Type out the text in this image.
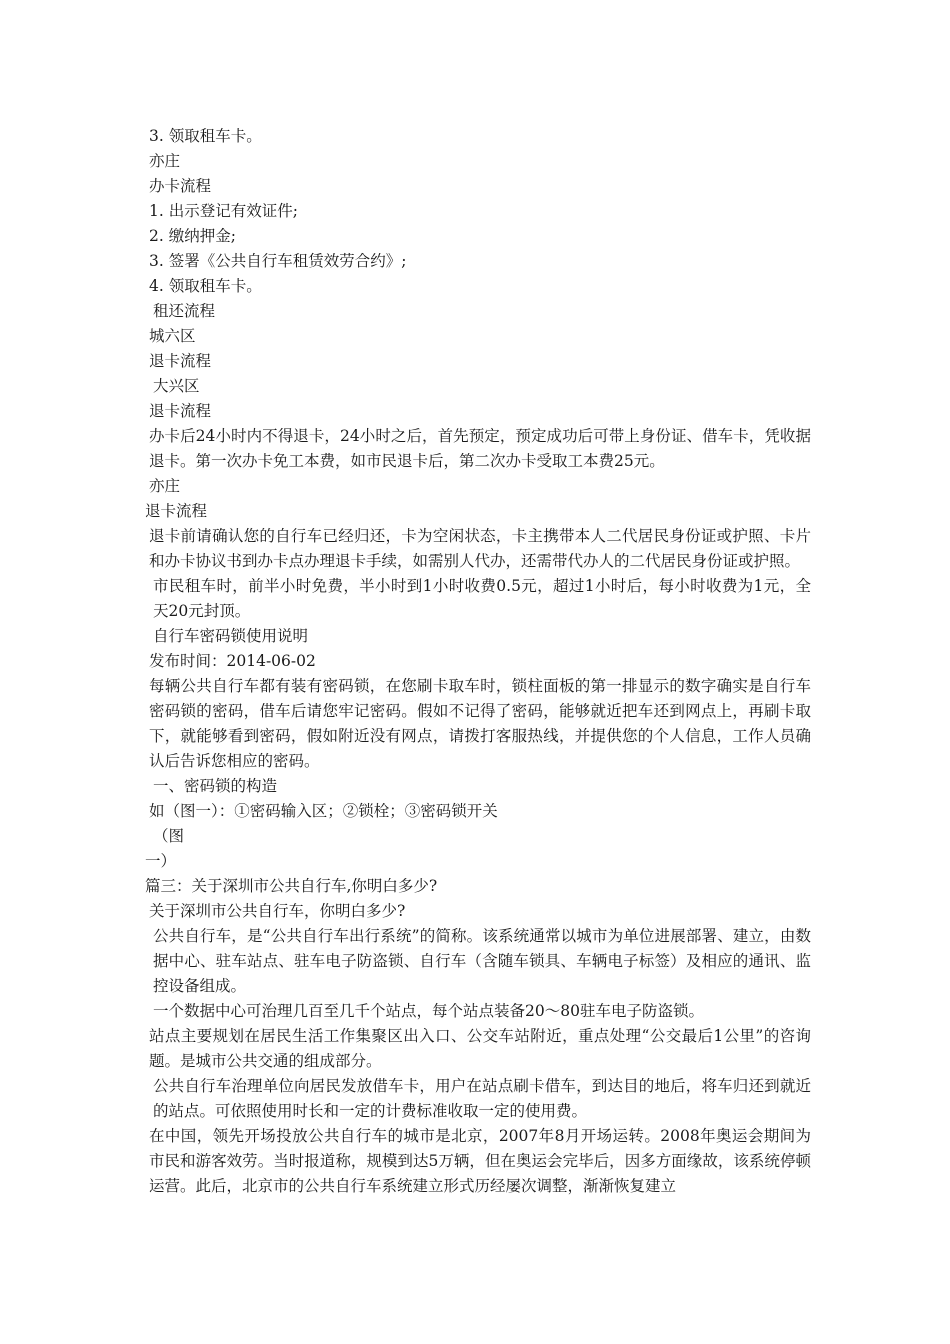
3. 领取租车卡。
亦庄
办卡流程
1. 出示登记有效证件;
2. 缴纳押金;
3. 签署《公共自行车租赁效劳合约》;
4. 领取租车卡。
租还流程
城六区
退卡流程
大兴区
退卡流程
办卡后24小时内不得退卡，24小时之后，首先预定，预定成功后可带上身份证、借车卡，凭收据退卡。第一次办卡免工本费，如市民退卡后，第二次办卡受取工本费25元。
亦庄
退卡流程
退卡前请确认您的自行车已经归还，卡为空闲状态，卡主携带本人二代居民身份证或护照、卡片和办卡协议书到办卡点办理退卡手续，如需别人代办，还需带代办人的二代居民身份证或护照。
市民租车时，前半小时免费，半小时到1小时收费0.5元，超过1小时后，每小时收费为1元，全天20元封顶。
自行车密码锁使用说明
发布时间：2014-06-02
每辆公共自行车都有装有密码锁，在您刷卡取车时，锁柱面板的第一排显示的数字确实是自行车密码锁的密码，借车后请您牢记密码。假如不记得了密码，能够就近把车还到网点上，再刷卡取下，就能够看到密码，假如附近没有网点，请拨打客服热线，并提供您的个人信息，工作人员确认后告诉您相应的密码。
一、密码锁的构造
如（图一）：①密码输入区；②锁栓；③密码锁开关
（图
一）
篇三：关于深圳市公共自行车,你明白多少?
关于深圳市公共自行车，你明白多少?
公共自行车，是“公共自行车出行系统”的简称。该系统通常以城市为单位进展部署、建立，由数据中心、驻车站点、驻车电子防盗锁、自行车（含随车锁具、车辆电子标签）及相应的通讯、监控设备组成。
一个数据中心可治理几百至几千个站点，每个站点装备20～80驻车电子防盗锁。
站点主要规划在居民生活工作集聚区出入口、公交车站附近，重点处理“公交最后1公里”的咨询题。是城市公共交通的组成部分。
公共自行车治理单位向居民发放借车卡，用户在站点刷卡借车，到达目的地后，将车归还到就近的站点。可依照使用时长和一定的计费标准收取一定的使用费。
在中国，领先开场投放公共自行车的城市是北京，2007年8月开场运转。2008年奥运会期间为市民和游客效劳。当时报道称，规模到达5万辆，但在奥运会完毕后，因多方面缘故，该系统停顿运营。此后，北京市的公共自行车系统建立形式历经屡次调整，渐渐恢复建立
